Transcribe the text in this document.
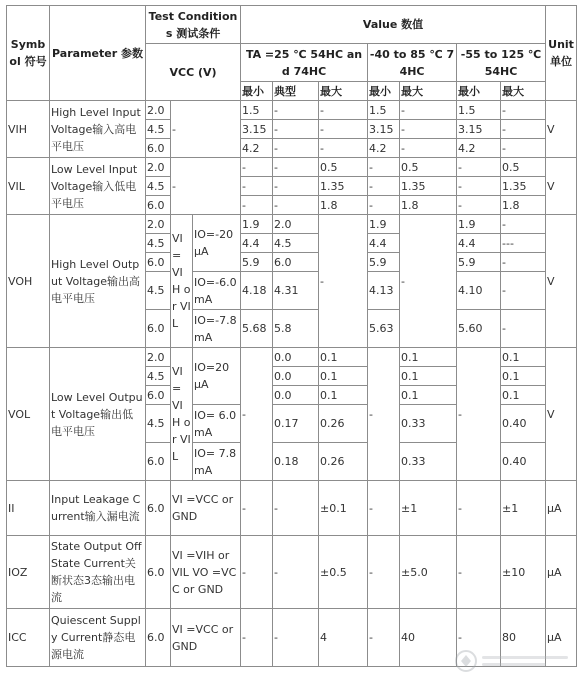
Symbol 符号	Parameter 参数	Test Conditions 测试条件			Value 数值							Unit 单位
		VCC (V)			TA =25 ℃ 54HC and 74HC			-40 to 85 ℃ 74HC		-55 to 125 ℃ 54HC		
					最小	典型	最大	最小	最大	最小	最大	
VIH	High Level Input Voltage输入高电平电压	2.0	-		1.5	-	-	1.5	-	1.5	-	V
		4.5			3.15	-	-	3.15	-	3.15	-	
		6.0			4.2	-	-	4.2	-	4.2	-	
VIL	Low Level Input Voltage输入低电平电压	2.0	-		-	-	0.5	-	0.5	-	0.5	V
		4.5			-	-	1.35	-	1.35	-	1.35	
		6.0			-	-	1.8	-	1.8	-	1.8	
VOH	High Level Output Voltage输出高电平电压	2.0	VI = VIH or VIL	IO=-20 μA	1.9	2.0	-	1.9	-	1.9	-	V
		4.5			4.4	4.5		4.4		4.4	---	
		6.0			5.9	6.0		5.9		5.9	-	
		4.5		IO=-6.0 mA	4.18	4.31		4.13		4.10	-	
		6.0		IO=-7.8 mA	5.68	5.8		5.63		5.60	-	
VOL	Low Level Output Voltage输出低电平电压	2.0	VI = VIH or VIL	IO=20 μA	-	0.0	0.1	-	0.1	-	0.1	V
		4.5				0.0	0.1		0.1		0.1	
		6.0				0.0	0.1		0.1		0.1	
		4.5		IO= 6.0 mA		0.17	0.26		0.33		0.40	
		6.0		IO= 7.8 mA		0.18	0.26		0.33		0.40	
II	Input Leakage Current输入漏电流	6.0	VI =VCC or GND		-	-	±0.1	-	±1	-	±1	μA
IOZ	State Output Off State Current关断状态3态输出电流	6.0	VI =VIH or VIL VO =VCC or GND		-	-	±0.5	-	±5.0	-	±10	μA
ICC	Quiescent Supply Current静态电源电流	6.0	VI =VCC or GND		-	-	4	-	40	-	80	μA
